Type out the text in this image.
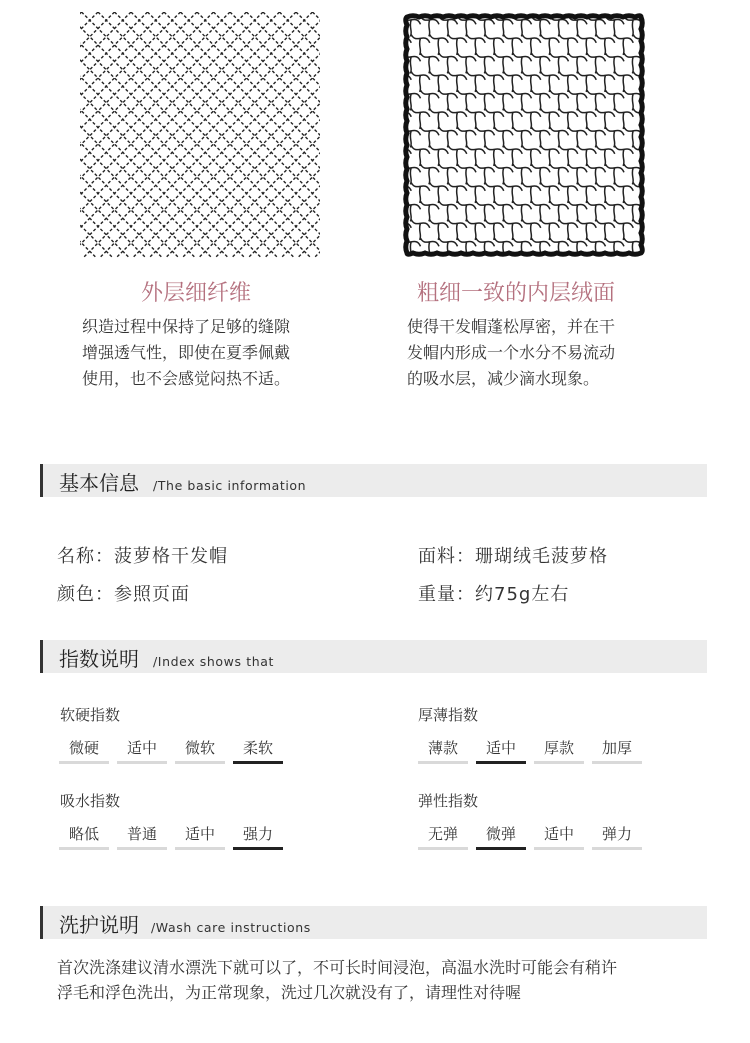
外层细纤维
织造过程中保持了足够的缝隙
增强透气性，即使在夏季佩戴
使用，也不会感觉闷热不适。
粗细一致的内层绒面
使得干发帽蓬松厚密，并在干
发帽内形成一个水分不易流动
的吸水层，减少滴水现象。
基本信息 /The basic information
名称：菠萝格干发帽	面料：珊瑚绒毛菠萝格
颜色：参照页面	重量：约75g左右
指数说明 /Index shows that
软硬指数
微硬	适中	微软	柔软
厚薄指数
薄款	适中	厚款	加厚
吸水指数
略低	普通	适中	强力
弹性指数
无弹	微弹	适中	弹力
洗护说明 /Wash care instructions
首次洗涤建议清水漂洗下就可以了，不可长时间浸泡，高温水洗时可能会有稍许
浮毛和浮色洗出，为正常现象，洗过几次就没有了，请理性对待喔
